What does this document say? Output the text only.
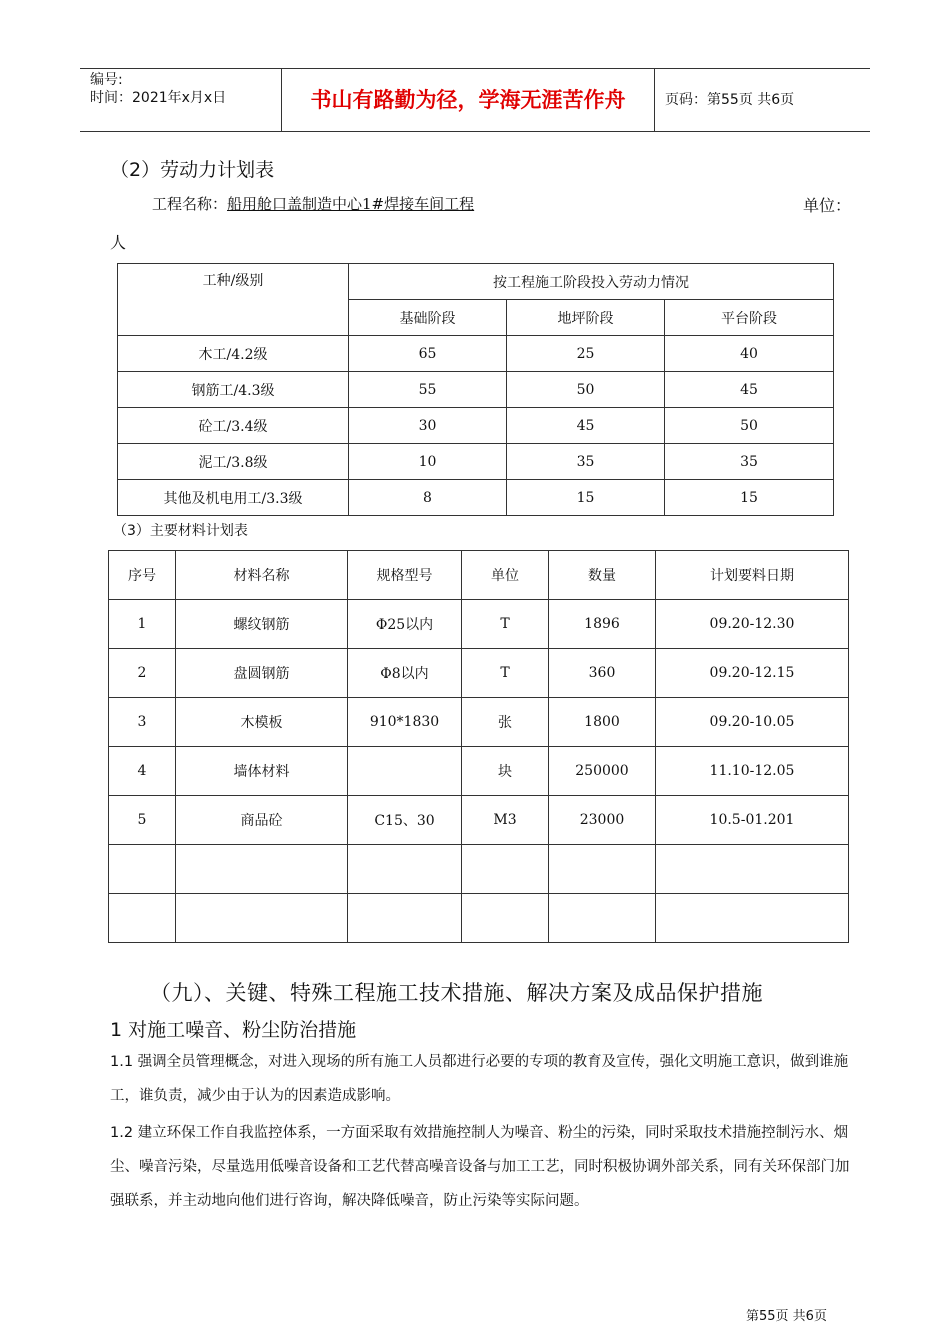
编号:
时间：2021年x月x日	书山有路勤为径，学海无涯苦作舟	页码：第55页 共6页
（2）劳动力计划表
工程名称：船用舱口盖制造中心1#焊接车间工程	单位：
人
工种/级别	按工程施工阶段投入劳动力情况		
	基础阶段	地坪阶段	平台阶段
木工/4.2级	65	25	40
钢筋工/4.3级	55	50	45
砼工/3.4级	30	45	50
泥工/3.8级	10	35	35
其他及机电用工/3.3级	8	15	15
（3）主要材料计划表
序号	材料名称	规格型号	单位	数量	计划要料日期
1	螺纹钢筋	Φ25以内	T	1896	09.20-12.30
2	盘圆钢筋	Φ8以内	T	360	09.20-12.15
3	木模板	910*1830	张	1800	09.20-10.05
4	墙体材料		块	250000	11.10-12.05
5	商品砼	C15、30	M3	23000	10.5-01.201

（九）、关键、特殊工程施工技术措施、解决方案及成品保护措施
1 对施工噪音、粉尘防治措施
1.1 强调全员管理概念，对进入现场的所有施工人员都进行必要的专项的教育及宣传，强化文明施工意识，做到谁施工，谁负责，减少由于认为的因素造成影响。
1.2 建立环保工作自我监控体系，一方面采取有效措施控制人为噪音、粉尘的污染，同时采取技术措施控制污水、烟尘、噪音污染，尽量选用低噪音设备和工艺代替高噪音设备与加工工艺，同时积极协调外部关系，同有关环保部门加强联系，并主动地向他们进行咨询，解决降低噪音，防止污染等实际问题。
第55页 共6页
